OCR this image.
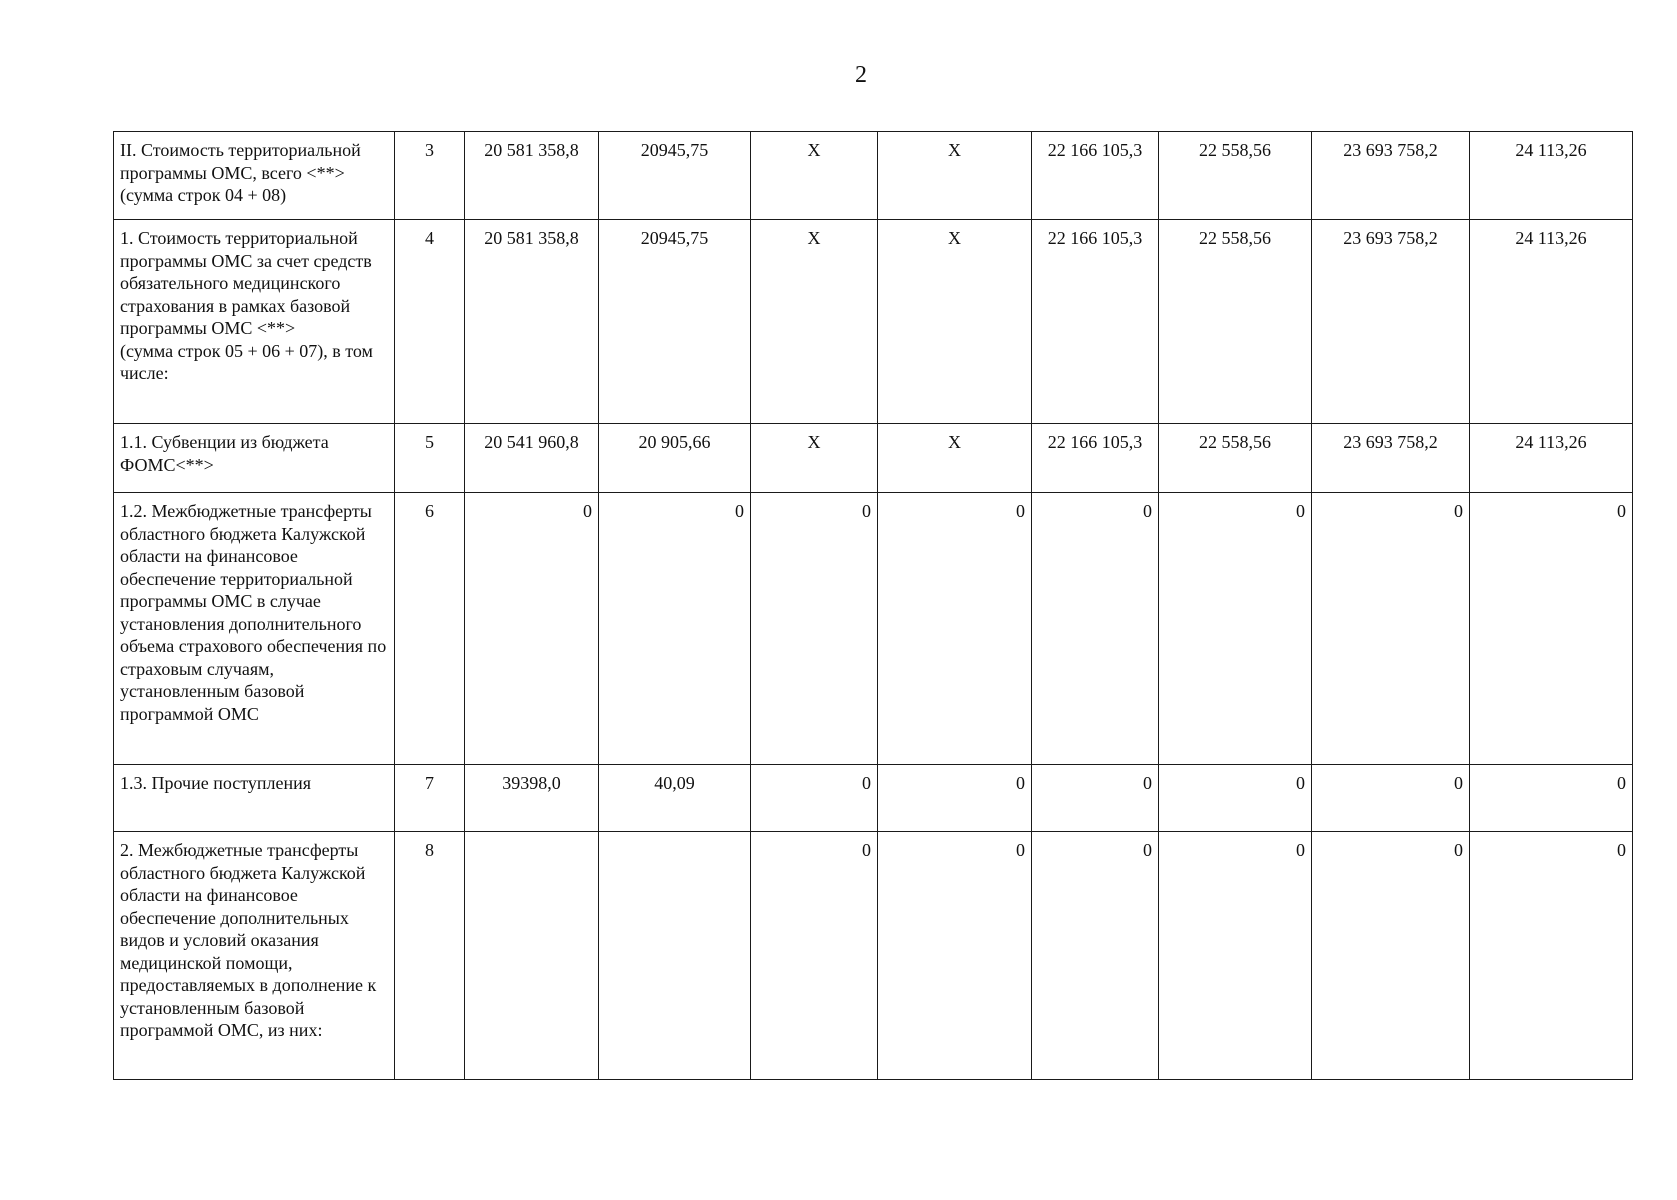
2
II. Стоимость территориальной программы ОМС, всего <**>
(сумма строк 04 + 08)	3	20 581 358,8	20945,75	X	X	22 166 105,3	22 558,56	23 693 758,2	24 113,26
1. Стоимость территориальной программы ОМС за счет средств обязательного медицинского страхования в рамках базовой программы ОМС <**>
(сумма строк 05 + 06 + 07), в том числе:	4	20 581 358,8	20945,75	X	X	22 166 105,3	22 558,56	23 693 758,2	24 113,26
1.1. Субвенции из бюджета ФОМС<**>	5	20 541 960,8	20 905,66	X	X	22 166 105,3	22 558,56	23 693 758,2	24 113,26
1.2. Межбюджетные трансферты областного бюджета Калужской области на финансовое обеспечение территориальной программы ОМС в случае установления дополнительного объема страхового обеспечения по страховым случаям, установленным базовой программой ОМС	6	0	0	0	0	0	0	0	0
1.3. Прочие поступления	7	39398,0	40,09	0	0	0	0	0	0
2. Межбюджетные трансферты областного бюджета Калужской области на финансовое обеспечение дополнительных видов и условий оказания медицинской помощи, предоставляемых в дополнение к установленным базовой программой ОМС, из них:	8			0	0	0	0	0	0
